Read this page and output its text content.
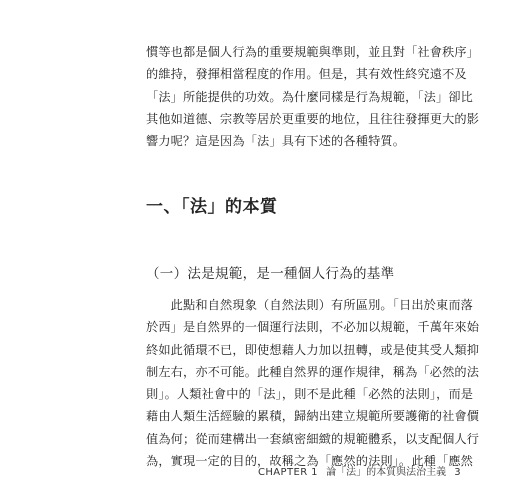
慣等也都是個人行為的重要規範與準則，並且對「社會秩序」
的維持，發揮相當程度的作用。但是，其有效性終究遠不及
「法」所能提供的功效。為什麼同樣是行為規範，「法」卻比
其他如道德、宗教等居於更重要的地位，且往往發揮更大的影
響力呢？這是因為「法」具有下述的各種特質。
一、「法」的本質
（一）法是規範，是一種個人行為的基準
　　此點和自然現象（自然法則）有所區別。「日出於東而落
於西」是自然界的一個運行法則，不必加以規範，千萬年來始
終如此循環不已，即使想藉人力加以扭轉，或是使其受人類抑
制左右，亦不可能。此種自然界的運作規律，稱為「必然的法
則」。人類社會中的「法」，則不是此種「必然的法則」，而是
藉由人類生活經驗的累積，歸納出建立規範所要護衛的社會價
值為何；從而建構出一套縝密細緻的規範體系，以支配個人行
為，實現一定的目的，故稱之為「應然的法則」。此種「應然
CHAPTER 1 論「法」的本質與法治主義 3
